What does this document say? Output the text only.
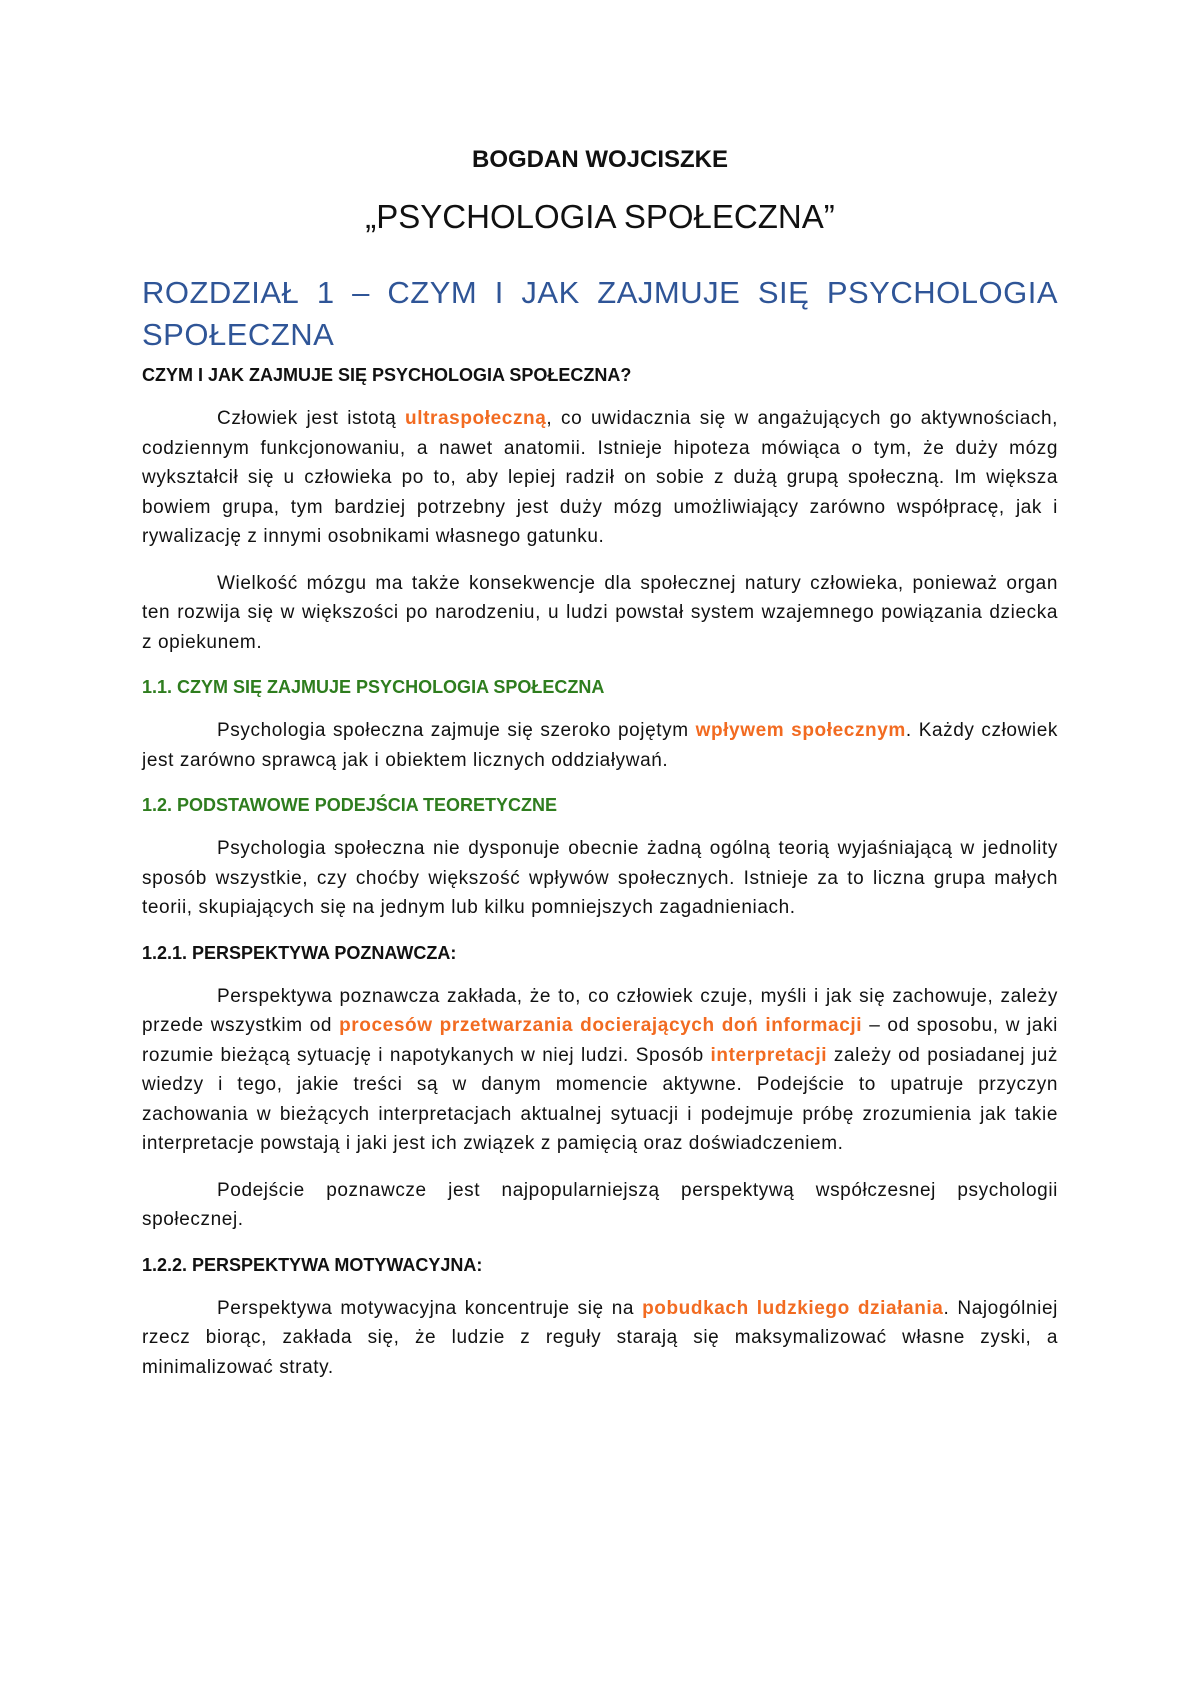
BOGDAN WOJCISZKE
„PSYCHOLOGIA SPOŁECZNA”
ROZDZIAŁ 1 – CZYM I JAK ZAJMUJE SIĘ PSYCHOLOGIA SPOŁECZNA
CZYM I JAK ZAJMUJE SIĘ PSYCHOLOGIA SPOŁECZNA?

Człowiek jest istotą ultraspołeczną, co uwidacznia się w angażujących go aktywnościach, codziennym funkcjonowaniu, a nawet anatomii. Istnieje hipoteza mówiąca o tym, że duży mózg wykształcił się u człowieka po to, aby lepiej radził on sobie z dużą grupą społeczną. Im większa bowiem grupa, tym bardziej potrzebny jest duży mózg umożliwiający zarówno współpracę, jak i rywalizację z innymi osobnikami własnego gatunku.

Wielkość mózgu ma także konsekwencje dla społecznej natury człowieka, ponieważ organ ten rozwija się w większości po narodzeniu, u ludzi powstał system wzajemnego powiązania dziecka z opiekunem.

1.1. CZYM SIĘ ZAJMUJE PSYCHOLOGIA SPOŁECZNA

Psychologia społeczna zajmuje się szeroko pojętym wpływem społecznym. Każdy człowiek jest zarówno sprawcą jak i obiektem licznych oddziaływań.

1.2. PODSTAWOWE PODEJŚCIA TEORETYCZNE

Psychologia społeczna nie dysponuje obecnie żadną ogólną teorią wyjaśniającą w jednolity sposób wszystkie, czy choćby większość wpływów społecznych. Istnieje za to liczna grupa małych teorii, skupiających się na jednym lub kilku pomniejszych zagadnieniach.

1.2.1. PERSPEKTYWA POZNAWCZA:

Perspektywa poznawcza zakłada, że to, co człowiek czuje, myśli i jak się zachowuje, zależy przede wszystkim od procesów przetwarzania docierających doń informacji – od sposobu, w jaki rozumie bieżącą sytuację i napotykanych w niej ludzi. Sposób interpretacji zależy od posiadanej już wiedzy i tego, jakie treści są w danym momencie aktywne. Podejście to upatruje przyczyn zachowania w bieżących interpretacjach aktualnej sytuacji i podejmuje próbę zrozumienia jak takie interpretacje powstają i jaki jest ich związek z pamięcią oraz doświadczeniem.

Podejście poznawcze jest najpopularniejszą perspektywą współczesnej psychologii społecznej.

1.2.2. PERSPEKTYWA MOTYWACYJNA:

Perspektywa motywacyjna koncentruje się na pobudkach ludzkiego działania. Najogólniej rzecz biorąc, zakłada się, że ludzie z reguły starają się maksymalizować własne zyski, a minimalizować straty.
